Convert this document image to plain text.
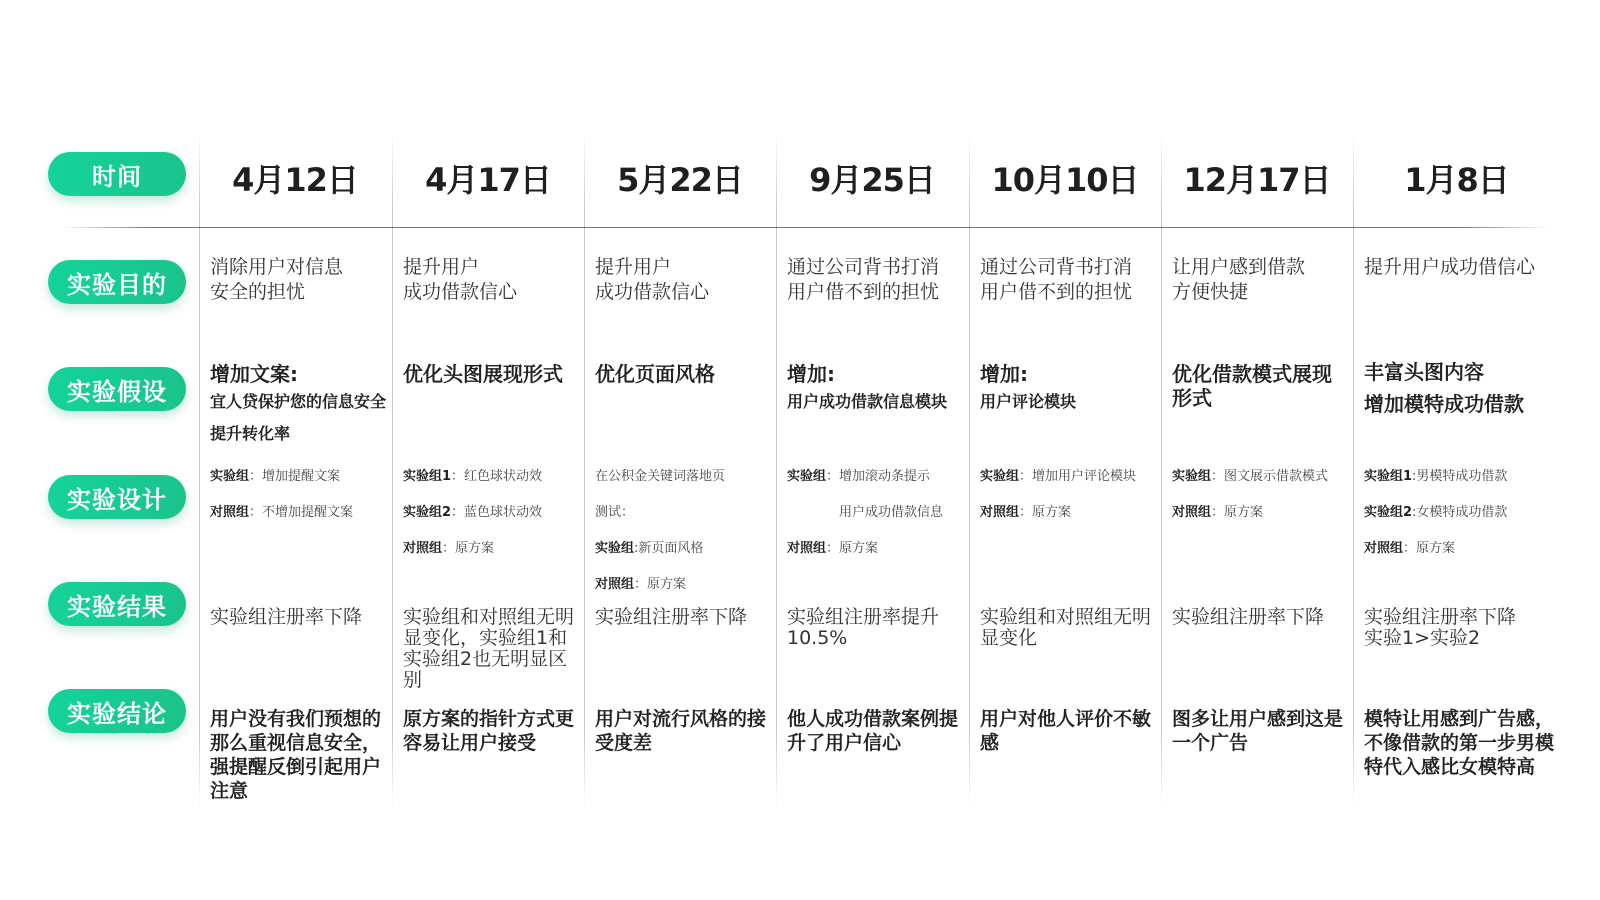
时间
实验目的
实验假设
实验设计
实验结果
实验结论
4月12日
消除用户对信息
安全的担忧
增加文案:
宜人贷保护您的信息安全
提升转化率
实验组：增加提醒文案
对照组：不增加提醒文案
实验组注册率下降
用户没有我们预想的那么重视信息安全，强提醒反倒引起用户注意
4月17日
提升用户
成功借款信心
优化头图展现形式
实验组1：红色球状动效
实验组2：蓝色球状动效
对照组：原方案
实验组和对照组无明显变化，实验组1和实验组2也无明显区别
原方案的指针方式更容易让用户接受
5月22日
提升用户
成功借款信心
优化页面风格
在公积金关键词落地页
测试：
实验组:新页面风格
对照组：原方案
实验组注册率下降
用户对流行风格的接受度差
9月25日
通过公司背书打消
用户借不到的担忧
增加:
用户成功借款信息模块
实验组：增加滚动条提示
用户成功借款信息
对照组：原方案
实验组注册率提升10.5%
他人成功借款案例提升了用户信心
10月10日
通过公司背书打消
用户借不到的担忧
增加:
用户评论模块
实验组：增加用户评论模块
对照组：原方案
实验组和对照组无明显变化
用户对他人评价不敏感
12月17日
让用户感到借款
方便快捷
优化借款模式展现形式
实验组：图文展示借款模式
对照组：原方案
实验组注册率下降
图多让用户感到这是一个广告
1月8日
提升用户成功借信心
丰富头图内容
增加模特成功借款
实验组1:男模特成功借款
实验组2:女模特成功借款
对照组：原方案
实验组注册率下降
实验1>实验2
模特让用感到广告感，不像借款的第一步男模特代入感比女模特高
